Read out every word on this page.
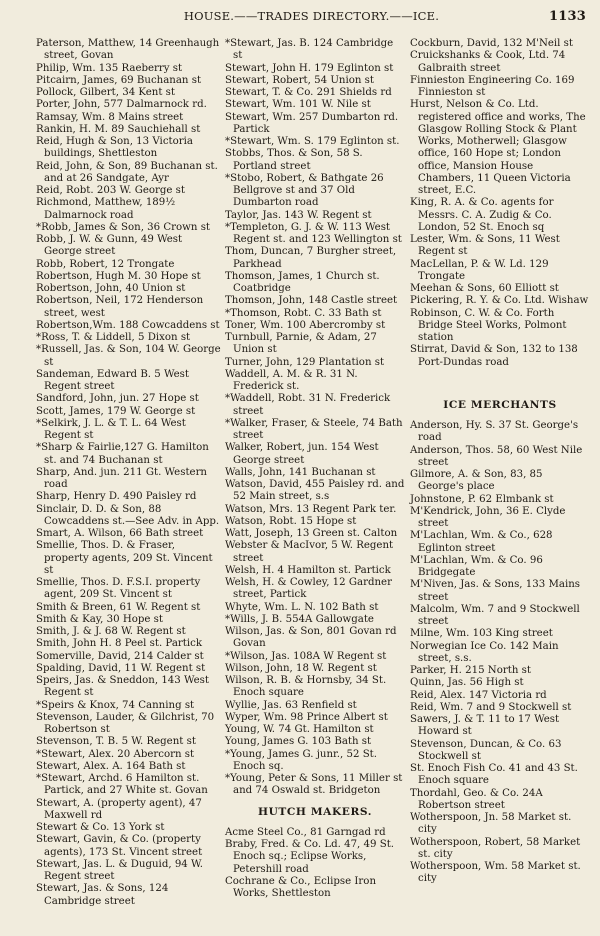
HOUSE.——TRADES DIRECTORY.——ICE.	1133
Paterson, Matthew, 14 Greenhaugh street, Govan
Philip, Wm. 135 Raeberry st
Pitcairn, James, 69 Buchanan st
Pollock, Gilbert, 34 Kent st
Porter, John, 577 Dalmarnock rd.
Ramsay, Wm. 8 Mains street
Rankin, H. M. 89 Sauchiehall st
Reid, Hugh & Son, 13 Victoria buildings, Shettleston
Reid, John, & Son, 89 Buchanan st. and at 26 Sandgate, Ayr
Reid, Robt. 203 W. George st
Richmond, Matthew, 189½ Dalmarnock road
*Robb, James & Son, 36 Crown st
Robb, J. W. & Gunn, 49 West George street
Robb, Robert, 12 Trongate
Robertson, Hugh M. 30 Hope st
Robertson, John, 40 Union st
Robertson, Neil, 172 Henderson street, west
Robertson,Wm. 188 Cowcaddens st
*Ross, T. & Liddell, 5 Dixon st
*Russell, Jas. & Son, 104 W. George st
Sandeman, Edward B. 5 West Regent street
Sandford, John, jun. 27 Hope st
Scott, James, 179 W. George st
*Selkirk, J. L. & T. L. 64 West Regent st
*Sharp & Fairlie,127 G. Hamilton st. and 74 Buchanan st
Sharp, And. jun. 211 Gt. Western road
Sharp, Henry D. 490 Paisley rd
Sinclair, D. D. & Son, 88 Cowcaddens st.—See Adv. in App.
Smart, A. Wilson, 66 Bath street
Smellie, Thos. D. & Fraser, property agents, 209 St. Vincent st
Smellie, Thos. D. F.S.I. property agent, 209 St. Vincent st
Smith & Breen, 61 W. Regent st
Smith & Kay, 30 Hope st
Smith, J. & J. 68 W. Regent st
Smith, John H. 8 Peel st. Partick
Somerville, David, 214 Calder st
Spalding, David, 11 W. Regent st
Speirs, Jas. & Sneddon, 143 West Regent st
*Speirs & Knox, 74 Canning st
Stevenson, Lauder, & Gilchrist, 70 Robertson st
Stevenson, T. B. 5 W. Regent st
*Stewart, Alex. 20 Abercorn st
Stewart, Alex. A. 164 Bath st
*Stewart, Archd. 6 Hamilton st. Partick, and 27 White st. Govan
Stewart, A. (property agent), 47 Maxwell rd
Stewart & Co. 13 York st
Stewart, Gavin, & Co. (property agents), 173 St. Vincent street
Stewart, Jas. L. & Duguid, 94 W. Regent street
Stewart, Jas. & Sons, 124 Cambridge street
*Stewart, Jas. B. 124 Cambridge st
Stewart, John H. 179 Eglinton st
Stewart, Robert, 54 Union st
Stewart, T. & Co. 291 Shields rd
Stewart, Wm. 101 W. Nile st
Stewart, Wm. 257 Dumbarton rd. Partick
*Stewart, Wm. S. 179 Eglinton st.
Stobbs, Thos. & Son, 58 S. Portland street
*Stobo, Robert, & Bathgate 26 Bellgrove st and 37 Old Dumbarton road
Taylor, Jas. 143 W. Regent st
*Templeton, G. J. & W. 113 West Regent st. and 123 Wellington st
Thom, Duncan, 7 Burgher street, Parkhead
Thomson, James, 1 Church st. Coatbridge
Thomson, John, 148 Castle street
*Thomson, Robt. C. 33 Bath st
Toner, Wm. 100 Abercromby st
Turnbull, Parnie, & Adam, 27 Union st
Turner, John, 129 Plantation st
Waddell, A. M. & R. 31 N. Frederick st.
*Waddell, Robt. 31 N. Frederick street
*Walker, Fraser, & Steele, 74 Bath street
Walker, Robert, jun. 154 West George street
Walls, John, 141 Buchanan st
Watson, David, 455 Paisley rd. and 52 Main street, s.s
Watson, Mrs. 13 Regent Park ter.
Watson, Robt. 15 Hope st
Watt, Joseph, 13 Green st. Calton
Webster & MacIvor, 5 W. Regent street
Welsh, H. 4 Hamilton st. Partick
Welsh, H. & Cowley, 12 Gardner street, Partick
Whyte, Wm. L. N. 102 Bath st
*Wills, J. B. 554A Gallowgate
Wilson, Jas. & Son, 801 Govan rd Govan
*Wilson, Jas. 108A W Regent st
Wilson, John, 18 W. Regent st
Wilson, R. B. & Hornsby, 34 St. Enoch square
Wyllie, Jas. 63 Renfield st
Wyper, Wm. 98 Prince Albert st
Young, W. 74 Gt. Hamilton st
Young, James G. 103 Bath st
*Young, James G. junr., 52 St. Enoch sq.
*Young, Peter & Sons, 11 Miller st and 74 Oswald st. Bridgeton
HUTCH MAKERS.
Acme Steel Co., 81 Garngad rd
Braby, Fred. & Co. Ld. 47, 49 St. Enoch sq.; Eclipse Works, Petershill road
Cochrane & Co., Eclipse Iron Works, Shettleston
Cockburn, David, 132 M'Neil st
Cruickshanks & Cook, Ltd. 74 Galbraith street
Finnieston Engineering Co. 169 Finnieston st
Hurst, Nelson & Co. Ltd. registered office and works, The Glasgow Rolling Stock & Plant Works, Motherwell; Glasgow office, 160 Hope st; London office, Mansion House Chambers, 11 Queen Victoria street, E.C.
King, R. A. & Co. agents for Messrs. C. A. Zudig & Co. London, 52 St. Enoch sq
Lester, Wm. & Sons, 11 West Regent st
MacLellan, P. & W. Ld. 129 Trongate
Meehan & Sons, 60 Elliott st
Pickering, R. Y. & Co. Ltd. Wishaw
Robinson, C. W. & Co. Forth Bridge Steel Works, Polmont station
Stirrat, David & Son, 132 to 138 Port-Dundas road
ICE MERCHANTS
Anderson, Hy. S. 37 St. George's road
Anderson, Thos. 58, 60 West Nile street
Gilmore, A. & Son, 83, 85 George's place
Johnstone, P. 62 Elmbank st
M'Kendrick, John, 36 E. Clyde street
M'Lachlan, Wm. & Co., 628 Eglinton street
M'Lachlan, Wm. & Co. 96 Bridgegate
M'Niven, Jas. & Sons, 133 Mains street
Malcolm, Wm. 7 and 9 Stockwell street
Milne, Wm. 103 King street
Norwegian Ice Co. 142 Main street, s.s.
Parker, H. 215 North st
Quinn, Jas. 56 High st
Reid, Alex. 147 Victoria rd
Reid, Wm. 7 and 9 Stockwell st
Sawers, J. & T. 11 to 17 West Howard st
Stevenson, Duncan, & Co. 63 Stockwell st
St. Enoch Fish Co. 41 and 43 St. Enoch square
Thordahl, Geo. & Co. 24A Robertson street
Wotherspoon, Jn. 58 Market st. city
Wotherspoon, Robert, 58 Market st. city
Wotherspoon, Wm. 58 Market st. city
